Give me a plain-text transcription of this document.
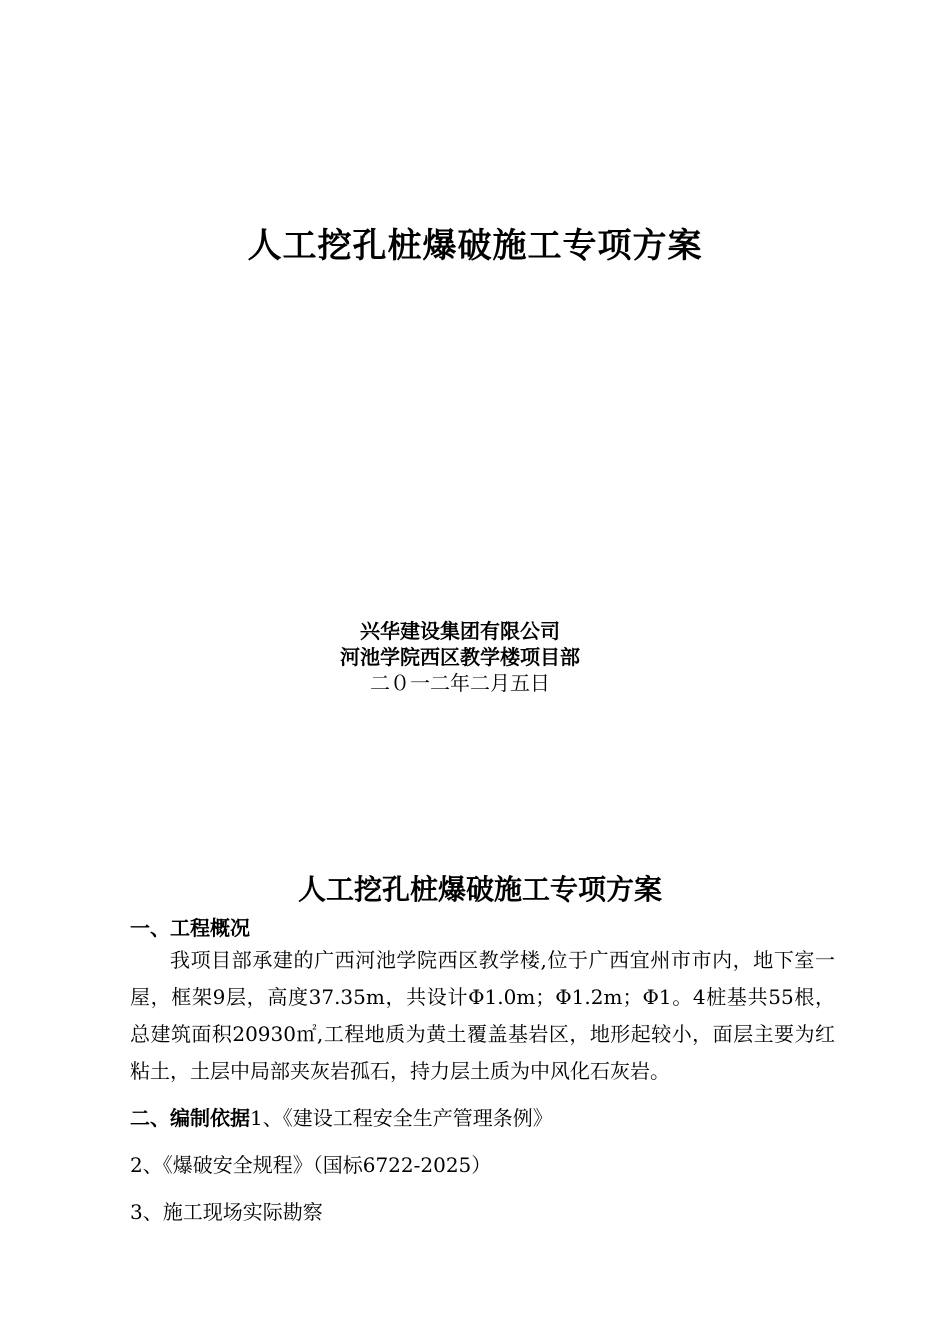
人工挖孔桩爆破施工专项方案
兴华建设集团有限公司
河池学院西区教学楼项目部
二０一二年二月五日
人工挖孔桩爆破施工专项方案
一、工程概况
我项目部承建的广西河池学院西区教学楼,位于广西宜州市市内，地下室一屋，框架9层，高度37.35m，共设计Φ1.0m；Φ1.2m；Φ1。4桩基共55根，总建筑面积20930㎡,工程地质为黄土覆盖基岩区，地形起较小，面层主要为红粘土，土层中局部夹灰岩孤石，持力层土质为中风化石灰岩。
二、编制依据1、《建设工程安全生产管理条例》
2、《爆破安全规程》（国标6722-2025）
3、施工现场实际勘察
